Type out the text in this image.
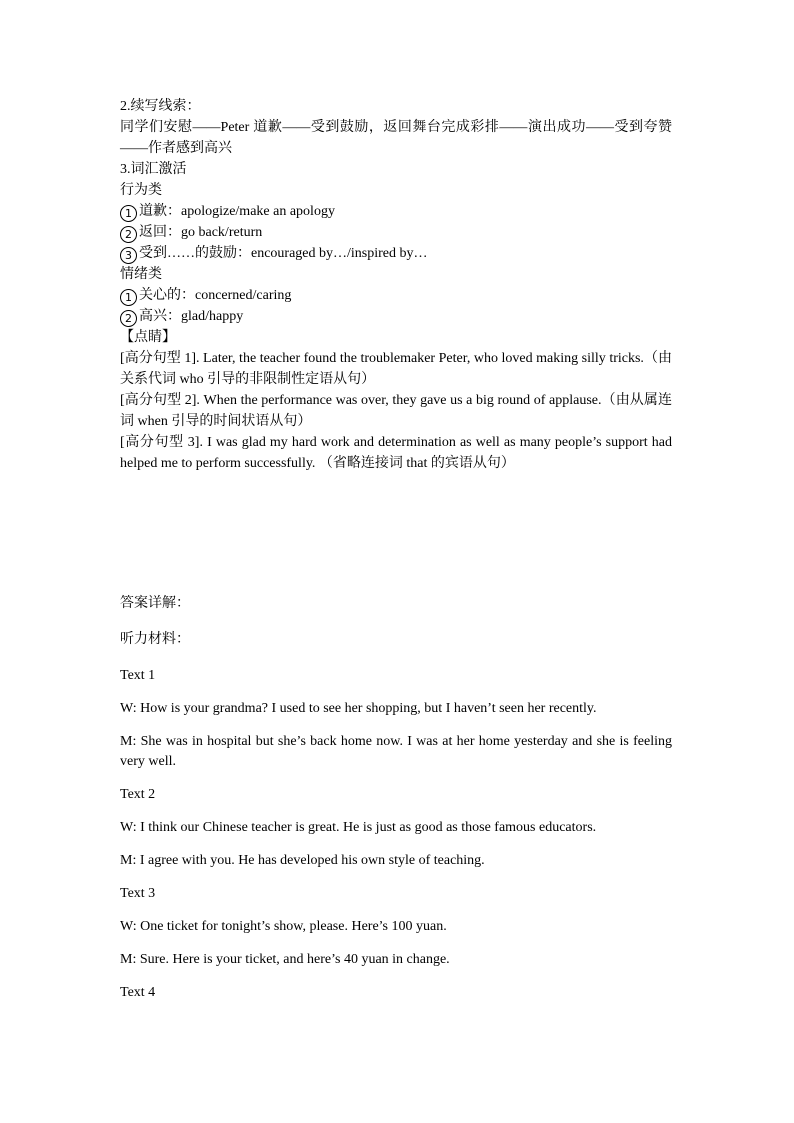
2.续写线索：

同学们安慰——Peter 道歉——受到鼓励，返回舞台完成彩排——演出成功——受到夸赞——作者感到高兴

3.词汇激活

行为类

1 道歉：apologize/make an apology

2 返回：go back/return

3 受到……的鼓励：encouraged by…/inspired by…

情绪类

1 关心的：concerned/caring

2 高兴：glad/happy

【点睛】

[高分句型 1]. Later, the teacher found the troublemaker Peter, who loved making silly tricks.（由关系代词 who 引导的非限制性定语从句）

[高分句型 2]. When the performance was over, they gave us a big round of applause.（由从属连词 when 引导的时间状语从句）

[高分句型 3]. I was glad my hard work and determination as well as many people’s support had helped me to perform successfully. （省略连接词 that 的宾语从句）

答案详解：

听力材料：

Text 1

W: How is your grandma? I used to see her shopping, but I haven’t seen her recently.

M: She was in hospital but she’s back home now. I was at her home yesterday and she is feeling very well.

Text 2

W: I think our Chinese teacher is great. He is just as good as those famous educators.

M: I agree with you. He has developed his own style of teaching.

Text 3

W: One ticket for tonight’s show, please. Here’s 100 yuan.

M: Sure. Here is your ticket, and here’s 40 yuan in change.

Text 4
